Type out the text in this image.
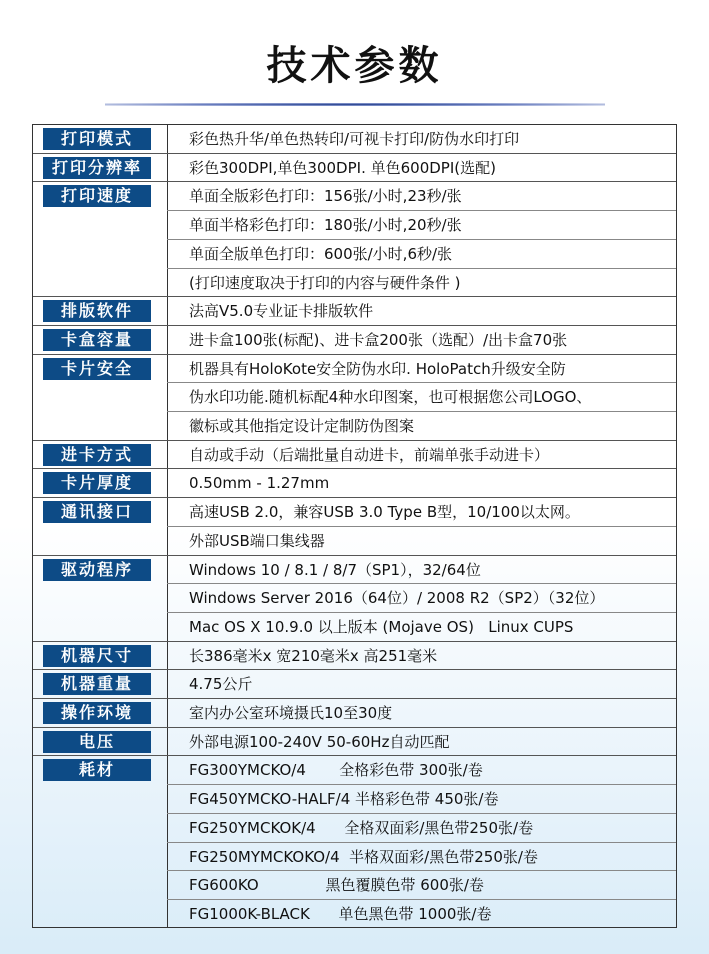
技术参数
打印模式	彩色热升华/单色热转印/可视卡打印/防伪水印打印
打印分辨率	彩色300DPI,单色300DPI. 单色600DPI(选配)
打印速度	单面全版彩色打印：156张/小时,23秒/张
单面半格彩色打印：180张/小时,20秒/张
单面全版单色打印：600张/小时,6秒/张
(打印速度取决于打印的内容与硬件条件 )
排版软件	法高V5.0专业证卡排版软件
卡盒容量	进卡盒100张(标配)、进卡盒200张（选配）/出卡盒70张
卡片安全	机器具有HoloKote安全防伪水印. HoloPatch升级安全防
伪水印功能.随机标配4种水印图案，也可根据您公司LOGO、
徽标或其他指定设计定制防伪图案
进卡方式	自动或手动（后端批量自动进卡，前端单张手动进卡）
卡片厚度	0.50mm - 1.27mm
通讯接口	高速USB 2.0，兼容USB 3.0 Type B型，10/100以太网。
外部USB端口集线器
驱动程序	Windows 10 / 8.1 / 8/7（SP1），32/64位
Windows Server 2016（64位）/ 2008 R2（SP2）（32位）
Mac OS X 10.9.0 以上版本 (Mojave OS)   Linux CUPS
机器尺寸	长386毫米x 宽210毫米x 高251毫米
机器重量	4.75公斤
操作环境	室内办公室环境摄氏10至30度
电压	外部电源100-240V 50-60Hz自动匹配
耗材	FG300YMCKO/4       全格彩色带 300张/卷
FG450YMCKO-HALF/4 半格彩色带 450张/卷
FG250YMCKOK/4      全格双面彩/黑色带250张/卷
FG250MYMCKOKO/4  半格双面彩/黑色带250张/卷
FG600KO              黑色覆膜色带 600张/卷
FG1000K-BLACK      单色黑色带 1000张/卷
